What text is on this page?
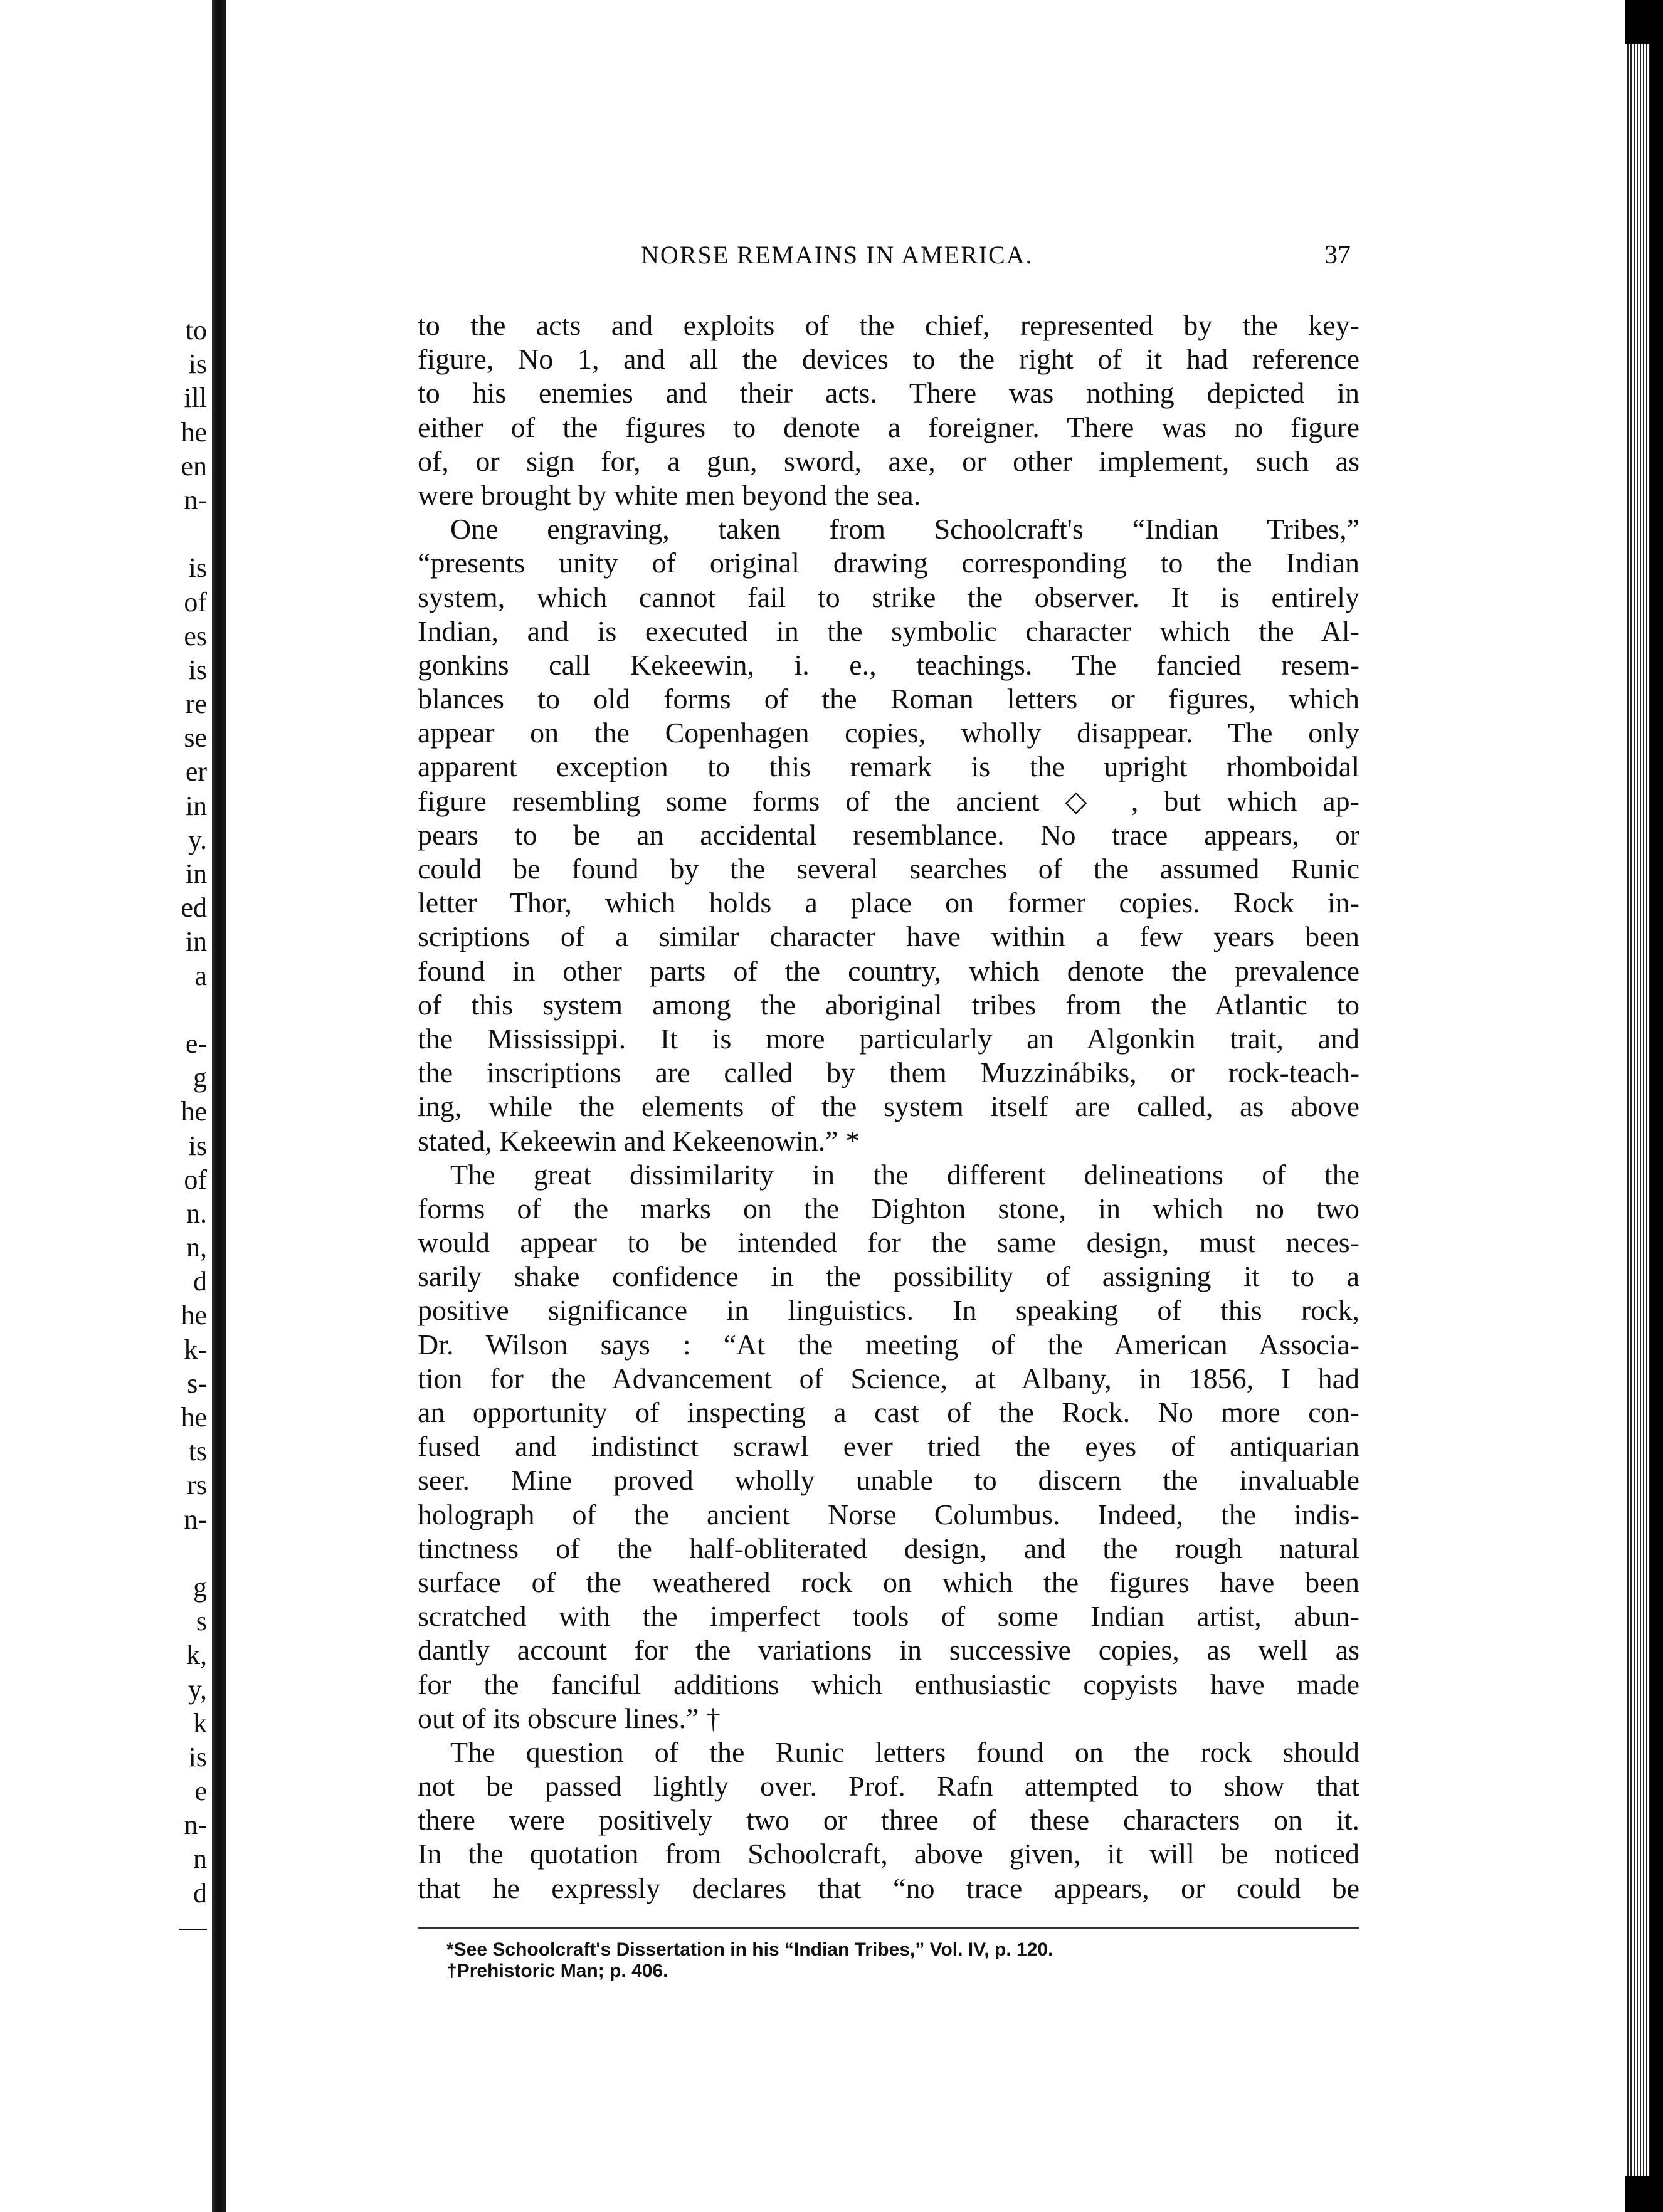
to
is
ill
he
en
n-
is
of
es
is
re
se
er
in
y.
in
ed
in
a
e-
g
he
is
of
n.
n,
d
he
k-
s-
he
ts
rs
n-
g
s
k,
y,
k
is
e
n-
n
d
—
NORSE REMAINS IN AMERICA.	37
to the acts and exploits of the chief, represented by the key-
figure, No 1, and all the devices to the right of it had reference
to his enemies and their acts. There was nothing depicted in
either of the figures to denote a foreigner. There was no figure
of, or sign for, a gun, sword, axe, or other implement, such as
were brought by white men beyond the sea.
One engraving, taken from Schoolcraft's “Indian Tribes,”
“presents unity of original drawing corresponding to the Indian
system, which cannot fail to strike the observer. It is entirely
Indian, and is executed in the symbolic character which the Al-
gonkins call Kekeewin, i. e., teachings. The fancied resem-
blances to old forms of the Roman letters or figures, which
appear on the Copenhagen copies, wholly disappear. The only
apparent exception to this remark is the upright rhomboidal
figure resembling some forms of the ancient ◇ , but which ap-
pears to be an accidental resemblance. No trace appears, or
could be found by the several searches of the assumed Runic
letter Thor, which holds a place on former copies. Rock in-
scriptions of a similar character have within a few years been
found in other parts of the country, which denote the prevalence
of this system among the aboriginal tribes from the Atlantic to
the Mississippi. It is more particularly an Algonkin trait, and
the inscriptions are called by them Muzzinábiks, or rock-teach-
ing, while the elements of the system itself are called, as above
stated, Kekeewin and Kekeenowin.” *
The great dissimilarity in the different delineations of the
forms of the marks on the Dighton stone, in which no two
would appear to be intended for the same design, must neces-
sarily shake confidence in the possibility of assigning it to a
positive significance in linguistics. In speaking of this rock,
Dr. Wilson says : “At the meeting of the American Associa-
tion for the Advancement of Science, at Albany, in 1856, I had
an opportunity of inspecting a cast of the Rock. No more con-
fused and indistinct scrawl ever tried the eyes of antiquarian
seer. Mine proved wholly unable to discern the invaluable
holograph of the ancient Norse Columbus. Indeed, the indis-
tinctness of the half-obliterated design, and the rough natural
surface of the weathered rock on which the figures have been
scratched with the imperfect tools of some Indian artist, abun-
dantly account for the variations in successive copies, as well as
for the fanciful additions which enthusiastic copyists have made
out of its obscure lines.” †
The question of the Runic letters found on the rock should
not be passed lightly over. Prof. Rafn attempted to show that
there were positively two or three of these characters on it.
In the quotation from Schoolcraft, above given, it will be noticed
that he expressly declares that “no trace appears, or could be
*See Schoolcraft's Dissertation in his “Indian Tribes,” Vol. IV, p. 120.
†Prehistoric Man; p. 406.
